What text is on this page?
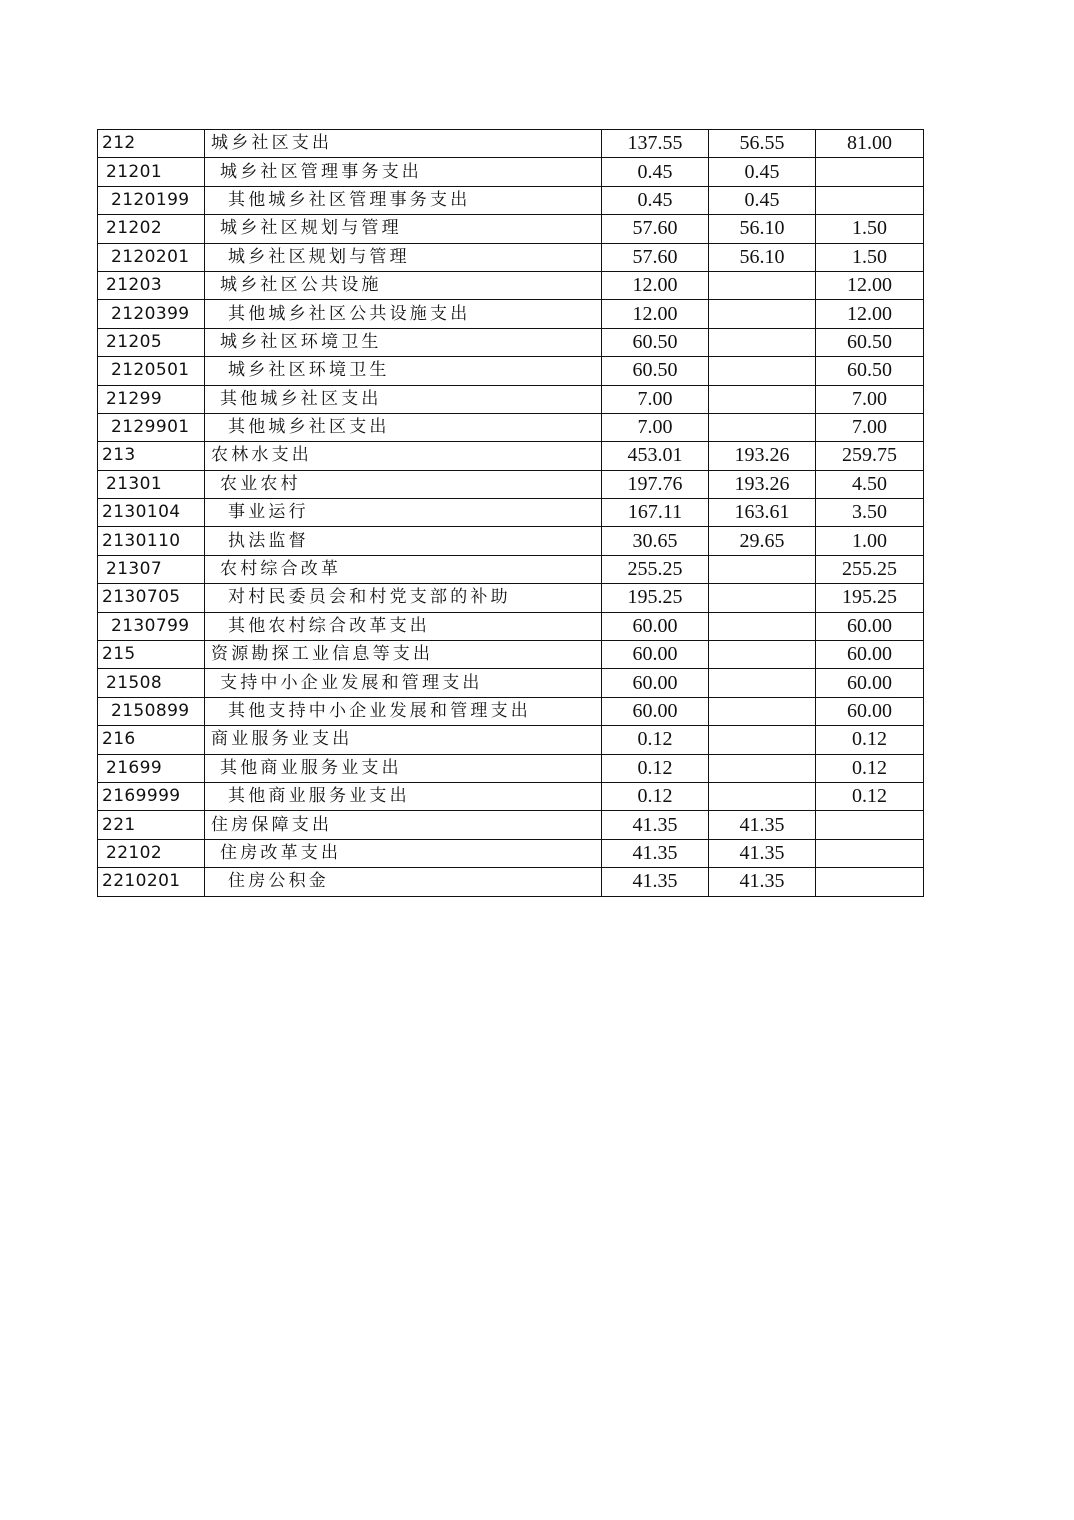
212	城乡社区支出	137.55	56.55	81.00
21201	城乡社区管理事务支出	0.45	0.45	
2120199	其他城乡社区管理事务支出	0.45	0.45	
21202	城乡社区规划与管理	57.60	56.10	1.50
2120201	城乡社区规划与管理	57.60	56.10	1.50
21203	城乡社区公共设施	12.00		12.00
2120399	其他城乡社区公共设施支出	12.00		12.00
21205	城乡社区环境卫生	60.50		60.50
2120501	城乡社区环境卫生	60.50		60.50
21299	其他城乡社区支出	7.00		7.00
2129901	其他城乡社区支出	7.00		7.00
213	农林水支出	453.01	193.26	259.75
21301	农业农村	197.76	193.26	4.50
2130104	事业运行	167.11	163.61	3.50
2130110	执法监督	30.65	29.65	1.00
21307	农村综合改革	255.25		255.25
2130705	对村民委员会和村党支部的补助	195.25		195.25
2130799	其他农村综合改革支出	60.00		60.00
215	资源勘探工业信息等支出	60.00		60.00
21508	支持中小企业发展和管理支出	60.00		60.00
2150899	其他支持中小企业发展和管理支出	60.00		60.00
216	商业服务业支出	0.12		0.12
21699	其他商业服务业支出	0.12		0.12
2169999	其他商业服务业支出	0.12		0.12
221	住房保障支出	41.35	41.35	
22102	住房改革支出	41.35	41.35	
2210201	住房公积金	41.35	41.35	
